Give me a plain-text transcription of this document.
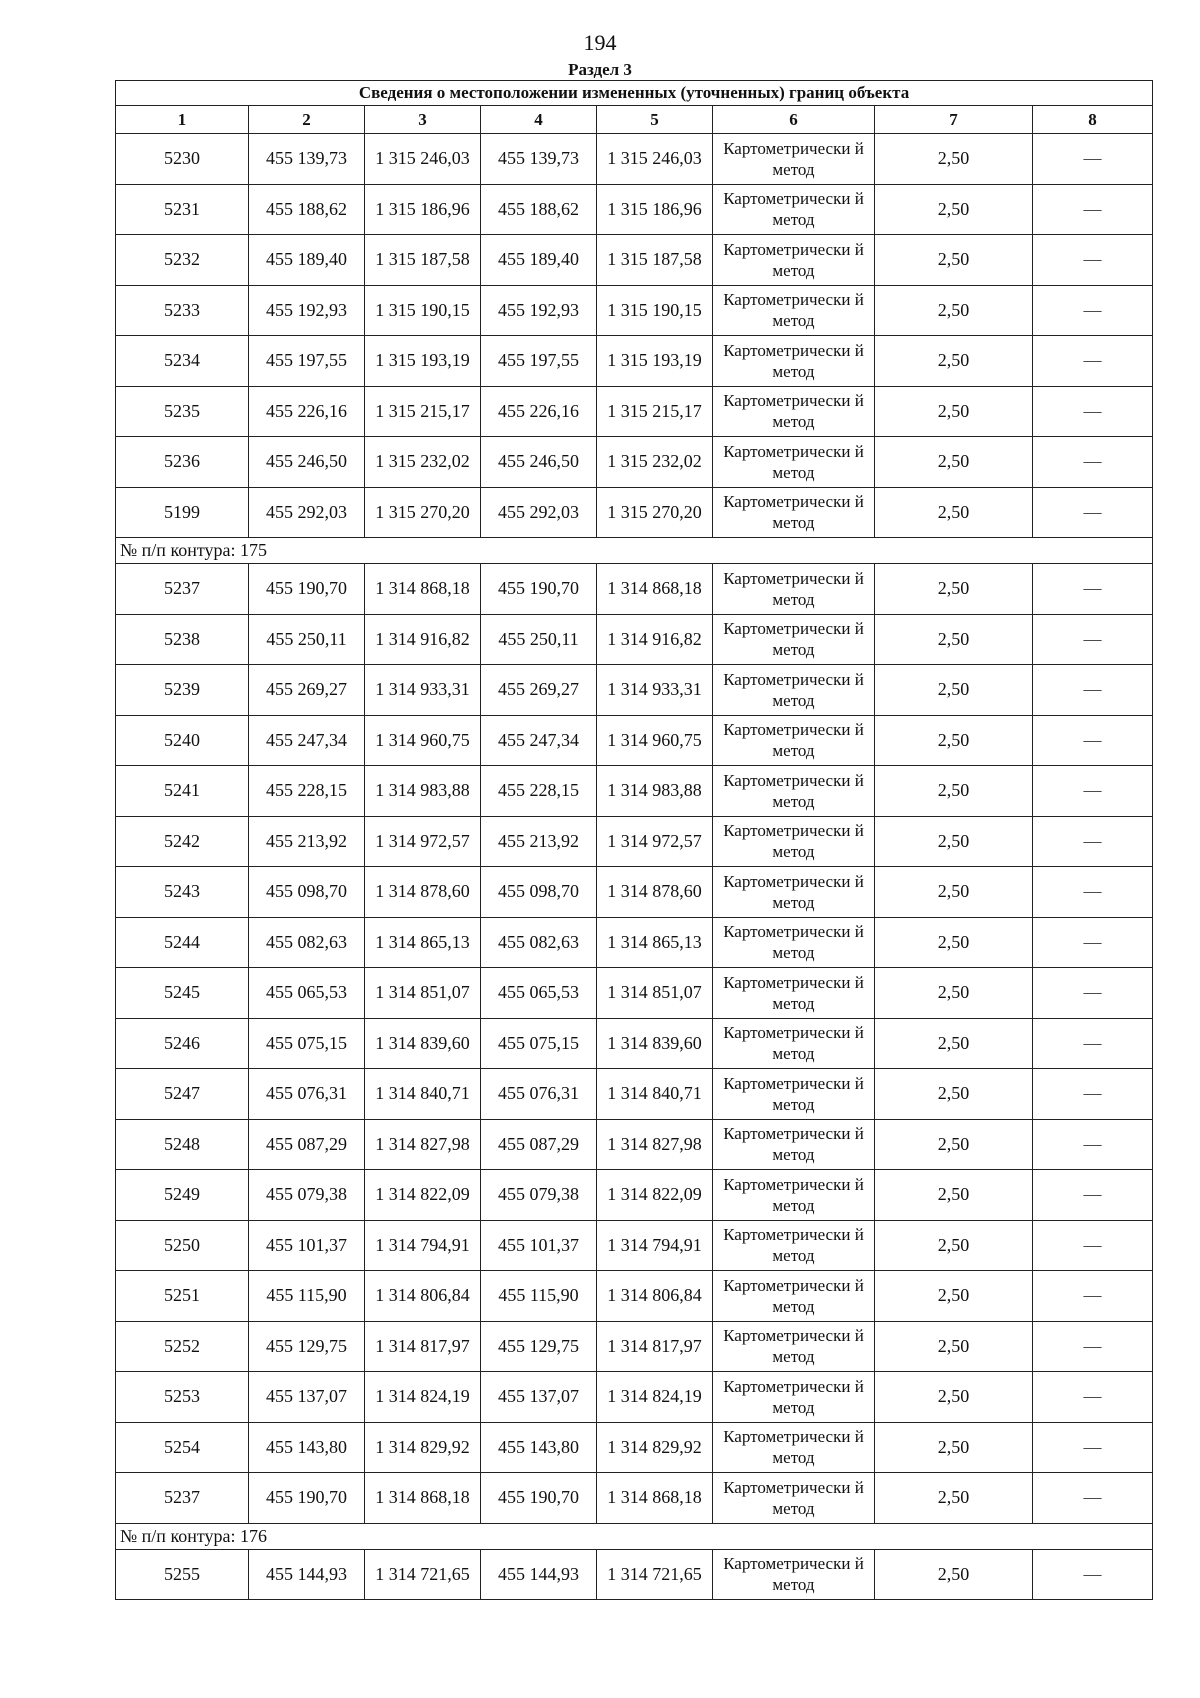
194
Раздел 3
Сведения о местоположении измененных (уточненных) границ объекта							
1	2	3	4	5	6	7	8
5230	455 139,73	1 315 246,03	455 139,73	1 315 246,03	Картометрически й метод	2,50	—
5231	455 188,62	1 315 186,96	455 188,62	1 315 186,96	Картометрически й метод	2,50	—
5232	455 189,40	1 315 187,58	455 189,40	1 315 187,58	Картометрически й метод	2,50	—
5233	455 192,93	1 315 190,15	455 192,93	1 315 190,15	Картометрически й метод	2,50	—
5234	455 197,55	1 315 193,19	455 197,55	1 315 193,19	Картометрически й метод	2,50	—
5235	455 226,16	1 315 215,17	455 226,16	1 315 215,17	Картометрически й метод	2,50	—
5236	455 246,50	1 315 232,02	455 246,50	1 315 232,02	Картометрически й метод	2,50	—
5199	455 292,03	1 315 270,20	455 292,03	1 315 270,20	Картометрически й метод	2,50	—
№ п/п контура: 175							
5237	455 190,70	1 314 868,18	455 190,70	1 314 868,18	Картометрически й метод	2,50	—
5238	455 250,11	1 314 916,82	455 250,11	1 314 916,82	Картометрически й метод	2,50	—
5239	455 269,27	1 314 933,31	455 269,27	1 314 933,31	Картометрически й метод	2,50	—
5240	455 247,34	1 314 960,75	455 247,34	1 314 960,75	Картометрически й метод	2,50	—
5241	455 228,15	1 314 983,88	455 228,15	1 314 983,88	Картометрически й метод	2,50	—
5242	455 213,92	1 314 972,57	455 213,92	1 314 972,57	Картометрически й метод	2,50	—
5243	455 098,70	1 314 878,60	455 098,70	1 314 878,60	Картометрически й метод	2,50	—
5244	455 082,63	1 314 865,13	455 082,63	1 314 865,13	Картометрически й метод	2,50	—
5245	455 065,53	1 314 851,07	455 065,53	1 314 851,07	Картометрически й метод	2,50	—
5246	455 075,15	1 314 839,60	455 075,15	1 314 839,60	Картометрически й метод	2,50	—
5247	455 076,31	1 314 840,71	455 076,31	1 314 840,71	Картометрически й метод	2,50	—
5248	455 087,29	1 314 827,98	455 087,29	1 314 827,98	Картометрически й метод	2,50	—
5249	455 079,38	1 314 822,09	455 079,38	1 314 822,09	Картометрически й метод	2,50	—
5250	455 101,37	1 314 794,91	455 101,37	1 314 794,91	Картометрически й метод	2,50	—
5251	455 115,90	1 314 806,84	455 115,90	1 314 806,84	Картометрически й метод	2,50	—
5252	455 129,75	1 314 817,97	455 129,75	1 314 817,97	Картометрически й метод	2,50	—
5253	455 137,07	1 314 824,19	455 137,07	1 314 824,19	Картометрически й метод	2,50	—
5254	455 143,80	1 314 829,92	455 143,80	1 314 829,92	Картометрически й метод	2,50	—
5237	455 190,70	1 314 868,18	455 190,70	1 314 868,18	Картометрически й метод	2,50	—
№ п/п контура: 176							
5255	455 144,93	1 314 721,65	455 144,93	1 314 721,65	Картометрически й метод	2,50	—
